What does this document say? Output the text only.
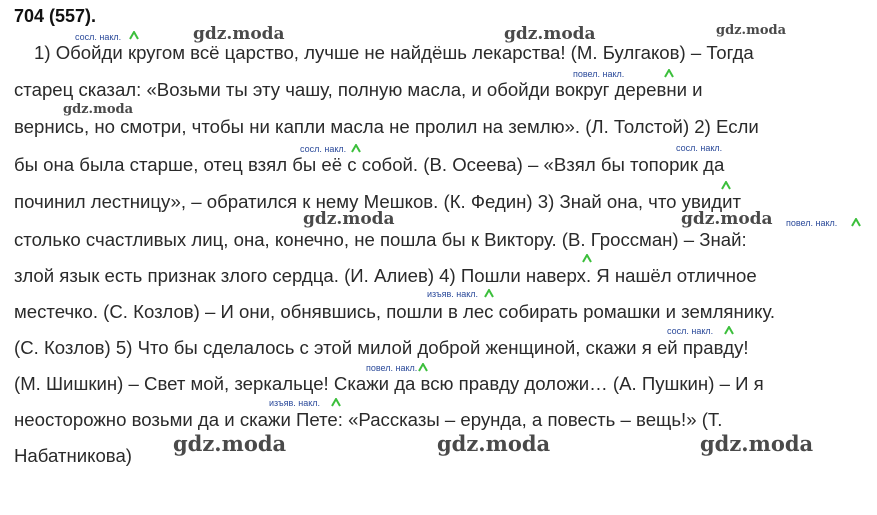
704 (557).
1) Обойди кругом всё царство, лучше не найдёшь лекарства! (М. Булгаков) – Тогда
старец сказал: «Возьми ты эту чашу, полную масла, и обойди вокруг деревни и
вернись, но смотри, чтобы ни капли масла не пролил на землю». (Л. Толстой) 2) Если
бы она была старше, отец взял бы её с собой. (В. Осеева) – «Взял бы топорик да
починил лестницу», – обратился к нему Мешков. (К. Федин) 3) Знай она, что увидит
столько счастливых лиц, она, конечно, не пошла бы к Виктору. (В. Гроссман) – Знай:
злой язык есть признак злого сердца. (И. Алиев) 4) Пошли наверх. Я нашёл отличное
местечко. (С. Козлов) – И они, обнявшись, пошли в лес собирать ромашки и землянику.
(С. Козлов) 5) Что бы сделалось с этой милой доброй женщиной, скажи я ей правду!
(М. Шишкин) – Свет мой, зеркальце! Скажи да всю правду доложи… (А. Пушкин) – И я
неосторожно возьми да и скажи Пете: «Рассказы – ерунда, а повесть – вещь!» (Т.
Набатникова)
сосл. накл.
повел. накл.
сосл. накл.	сосл. накл.
повел. накл.
изъяв. накл.
сосл. накл.
повел. накл.
изъяв. накл.
gdz.moda	gdz.moda	gdz.moda
gdz.moda
gdz.moda	gdz.moda
gdz.moda	gdz.moda	gdz.moda
